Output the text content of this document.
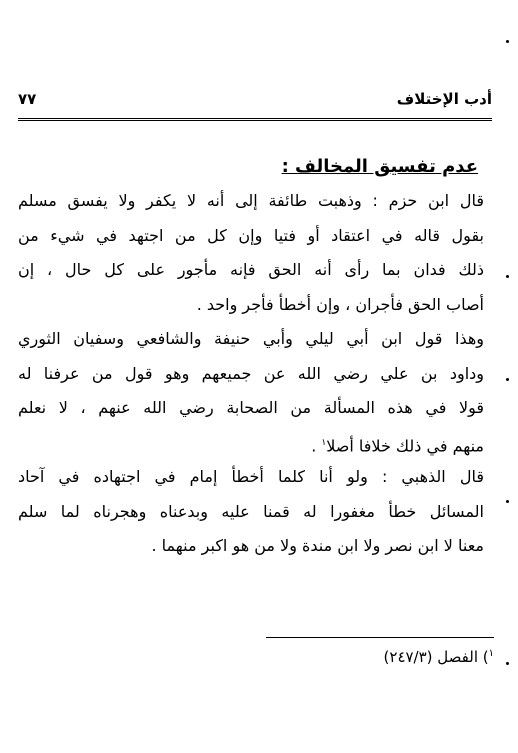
٧٧	أدب الإختلاف
عدم تفسيق المخالف :
قال ابن حزم : وذهبت طائفة إلى أنه لا يكفر ولا يفسق مسلم
بقول قاله في اعتقاد أو فتيا وإن كل من اجتهد في شيء من
ذلك فدان بما رأى أنه الحق فإنه مأجور على كل حال ، إن
أصاب الحق فأجران ، وإن أخطأ فأجر واحد .
وهذا قول ابن أبي ليلي وأبي حنيفة والشافعي وسفيان الثوري
وداود بن علي رضي الله عن جميعهم وهو قول من عرفنا له
قولا في هذه المسألة من الصحابة رضي الله عنهم ، لا نعلم
منهم في ذلك خلافا أصلا$^١$ .
قال الذهبي : ولو أنا كلما أخطأ إمام في اجتهاده في آحاد
المسائل خطأ مغفورا له قمنا عليه وبدعناه وهجرناه لما سلم
معنا لا ابن نصر ولا ابن مندة ولا من هو اكبر منهما .
$^١$) الفصل (٢٤٧/٣)
